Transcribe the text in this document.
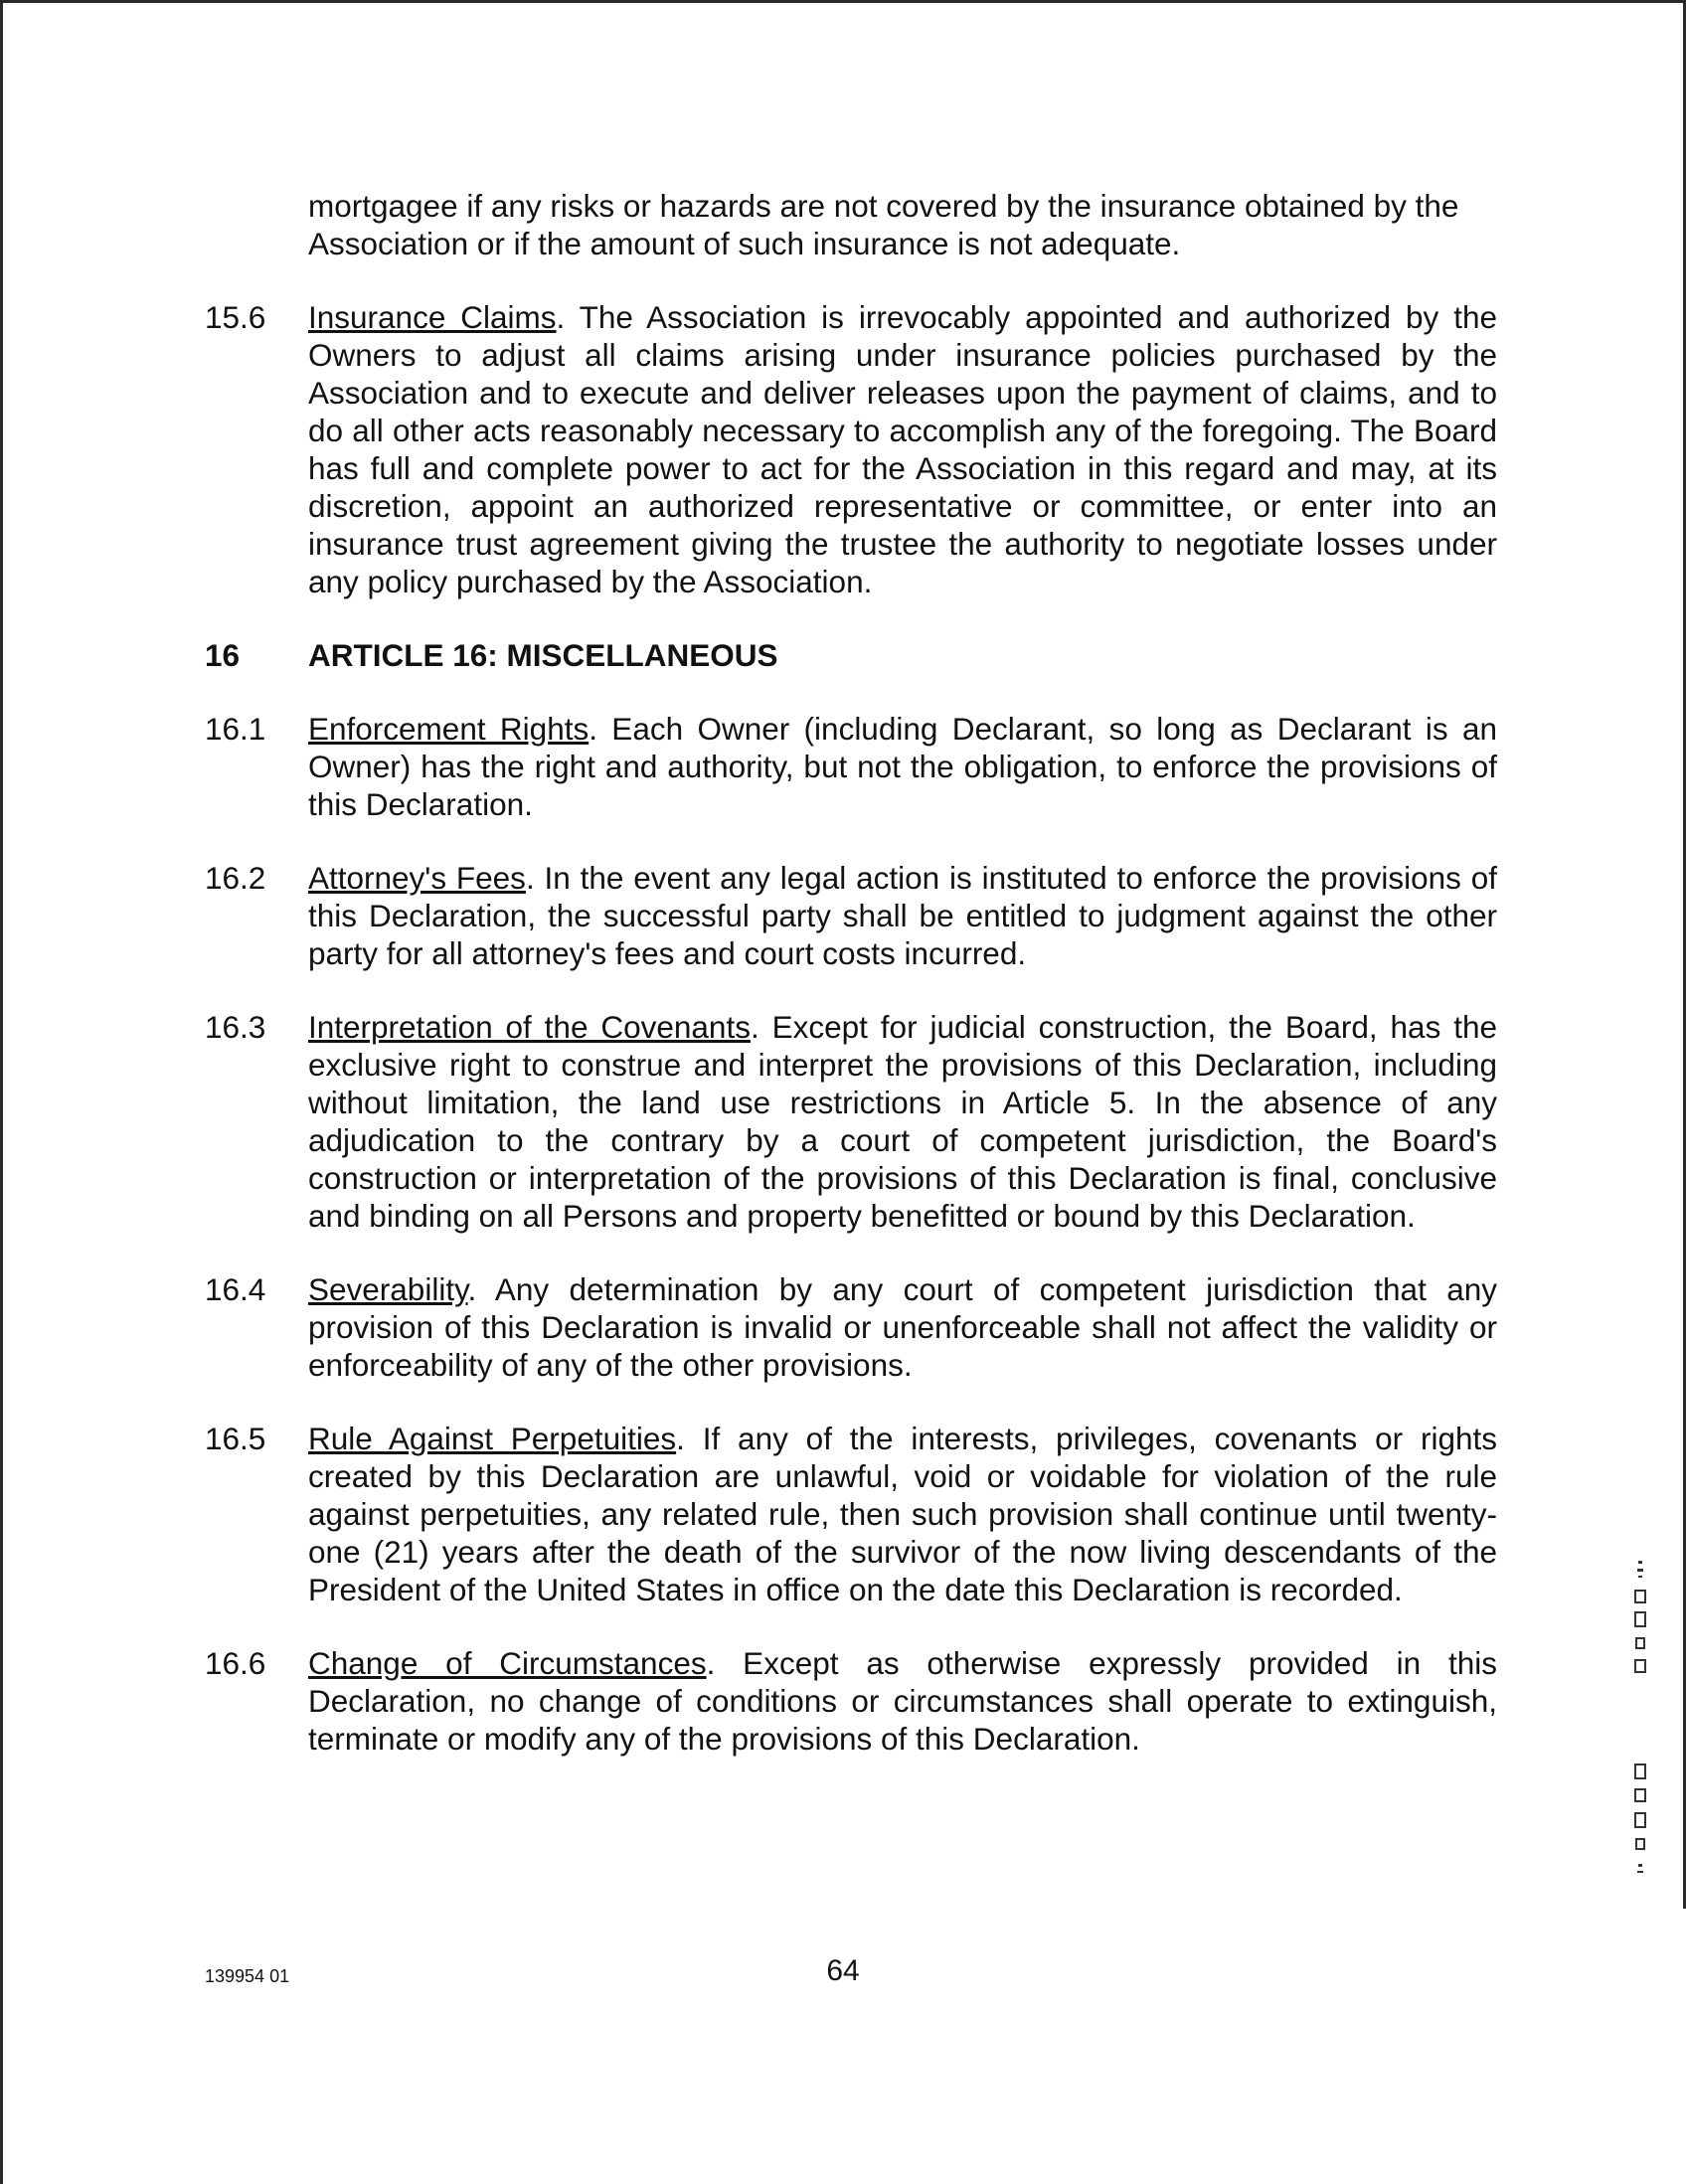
mortgagee if any risks or hazards are not covered by the insurance obtained by the Association or if the amount of such insurance is not adequate.
15.6	Insurance Claims. The Association is irrevocably appointed and authorized by the Owners to adjust all claims arising under insurance policies purchased by the Association and to execute and deliver releases upon the payment of claims, and to do all other acts reasonably necessary to accomplish any of the foregoing. The Board has full and complete power to act for the Association in this regard and may, at its discretion, appoint an authorized representative or committee, or enter into an insurance trust agreement giving the trustee the authority to negotiate losses under any policy purchased by the Association.
16	ARTICLE 16: MISCELLANEOUS
16.1	Enforcement Rights. Each Owner (including Declarant, so long as Declarant is an Owner) has the right and authority, but not the obligation, to enforce the provisions of this Declaration.
16.2	Attorney's Fees. In the event any legal action is instituted to enforce the provisions of this Declaration, the successful party shall be entitled to judgment against the other party for all attorney's fees and court costs incurred.
16.3	Interpretation of the Covenants. Except for judicial construction, the Board, has the exclusive right to construe and interpret the provisions of this Declaration, including without limitation, the land use restrictions in Article 5. In the absence of any adjudication to the contrary by a court of competent jurisdiction, the Board's construction or interpretation of the provisions of this Declaration is final, conclusive and binding on all Persons and property benefitted or bound by this Declaration.
16.4	Severability. Any determination by any court of competent jurisdiction that any provision of this Declaration is invalid or unenforceable shall not affect the validity or enforceability of any of the other provisions.
16.5	Rule Against Perpetuities. If any of the interests, privileges, covenants or rights created by this Declaration are unlawful, void or voidable for violation of the rule against perpetuities, any related rule, then such provision shall continue until twenty-one (21) years after the death of the survivor of the now living descendants of the President of the United States in office on the date this Declaration is recorded.
16.6	Change of Circumstances. Except as otherwise expressly provided in this Declaration, no change of conditions or circumstances shall operate to extinguish, terminate or modify any of the provisions of this Declaration.
139954 01	64
